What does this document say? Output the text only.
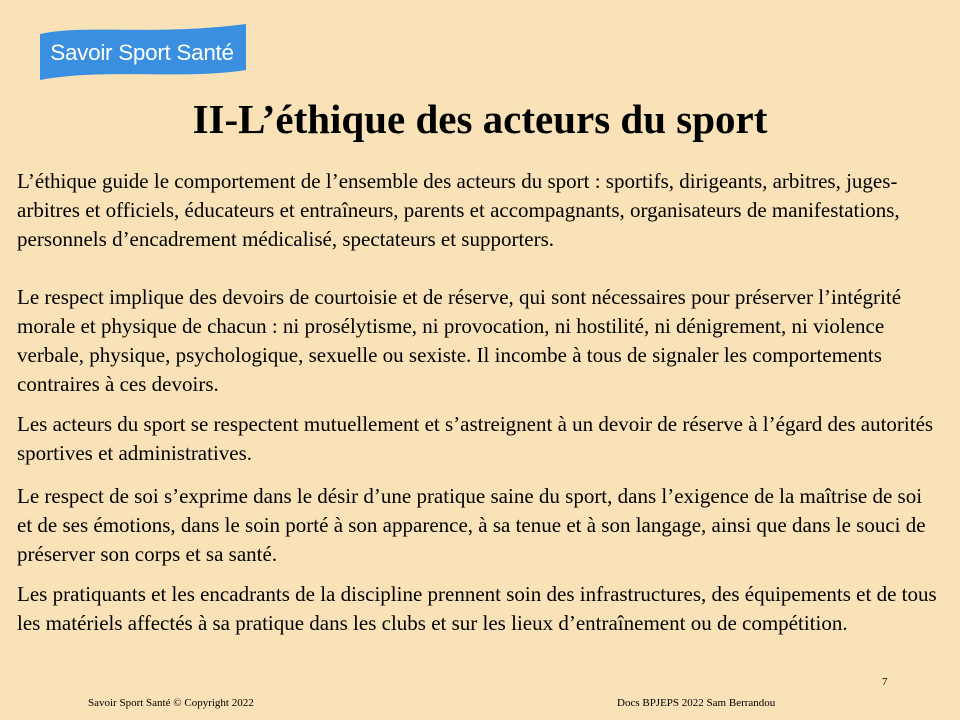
Savoir Sport Santé
II-L’éthique des acteurs du sport

L’éthique guide le comportement de l’ensemble des acteurs du sport : sportifs, dirigeants, arbitres, juges-arbitres et officiels, éducateurs et entraîneurs, parents et accompagnants, organisateurs de manifestations, personnels d’encadrement médicalisé, spectateurs et supporters.

Le respect implique des devoirs de courtoisie et de réserve, qui sont nécessaires pour préserver l’intégrité morale et physique de chacun : ni prosélytisme, ni provocation, ni hostilité, ni dénigrement, ni violence verbale, physique, psychologique, sexuelle ou sexiste. Il incombe à tous de signaler les comportements contraires à ces devoirs.

Les acteurs du sport se respectent mutuellement et s’astreignent à un devoir de réserve à l’égard des autorités sportives et administratives.

Le respect de soi s’exprime dans le désir d’une pratique saine du sport, dans l’exigence de la maîtrise de soi et de ses émotions, dans le soin porté à son apparence, à sa tenue et à son langage, ainsi que dans le souci de préserver son corps et sa santé.

Les pratiquants et les encadrants de la discipline prennent soin des infrastructures, des équipements et de tous les matériels affectés à sa pratique dans les clubs et sur les lieux d’entraînement ou de compétition.

7
Savoir Sport Santé © Copyright 2022	Docs BPJEPS 2022 Sam Berrandou
